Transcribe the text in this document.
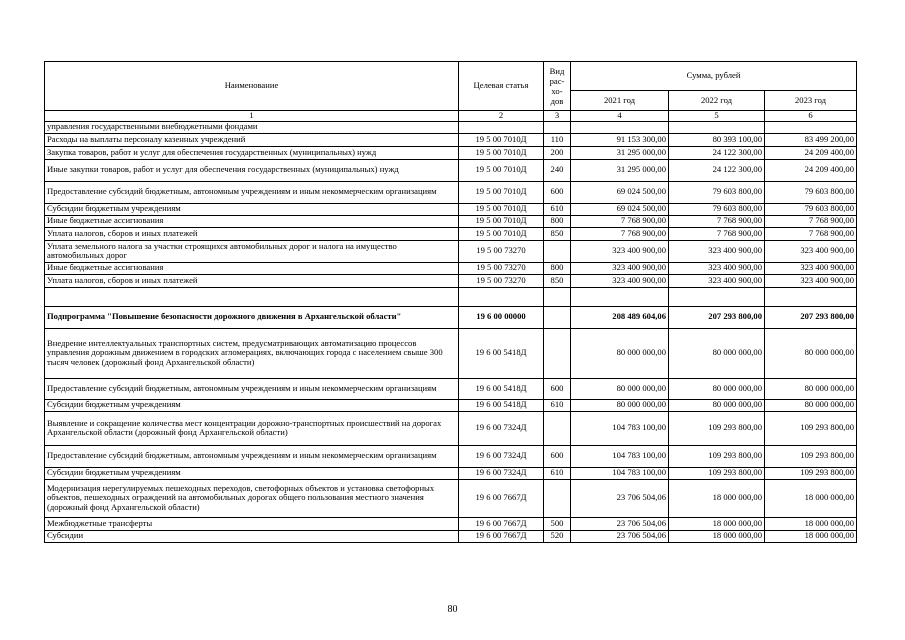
Наименование	Целевая статья	Вид рас-хо-дов	Сумма, рублей		
			2021 год	2022 год	2023 год
1	2	3	4	5	6
управления государственными внебюджетными фондами					
Расходы на выплаты персоналу казенных учреждений	19 5 00 7010Д	110	91 153 300,00	80 393 100,00	83 499 200,00
Закупка товаров, работ и услуг для обеспечения государственных (муниципальных) нужд	19 5 00 7010Д	200	31 295 000,00	24 122 300,00	24 209 400,00
Иные закупки товаров, работ и услуг для обеспечения государственных (муниципальных) нужд	19 5 00 7010Д	240	31 295 000,00	24 122 300,00	24 209 400,00
Предоставление субсидий бюджетным, автономным учреждениям и иным некоммерческим организациям	19 5 00 7010Д	600	69 024 500,00	79 603 800,00	79 603 800,00
Субсидии бюджетным учреждениям	19 5 00 7010Д	610	69 024 500,00	79 603 800,00	79 603 800,00
Иные бюджетные ассигнования	19 5 00 7010Д	800	7 768 900,00	7 768 900,00	7 768 900,00
Уплата налогов, сборов и иных платежей	19 5 00 7010Д	850	7 768 900,00	7 768 900,00	7 768 900,00
Уплата земельного налога за участки строящихся автомобильных дорог и налога на имущество автомобильных дорог	19 5 00 73270		323 400 900,00	323 400 900,00	323 400 900,00
Иные бюджетные ассигнования	19 5 00 73270	800	323 400 900,00	323 400 900,00	323 400 900,00
Уплата налогов, сборов и иных платежей	19 5 00 73270	850	323 400 900,00	323 400 900,00	323 400 900,00

Подпрограмма "Повышение безопасности дорожного движения в Архангельской области"	19 6 00 00000		208 489 604,06	207 293 800,00	207 293 800,00
Внедрение интеллектуальных транспортных систем, предусматривающих автоматизацию процессов управления дорожным движением в городских агломерациях, включающих города с населением свыше 300 тысяч человек (дорожный фонд Архангельской области)	19 6 00 5418Д		80 000 000,00	80 000 000,00	80 000 000,00
Предоставление субсидий бюджетным, автономным учреждениям и иным некоммерческим организациям	19 6 00 5418Д	600	80 000 000,00	80 000 000,00	80 000 000,00
Субсидии бюджетным учреждениям	19 6 00 5418Д	610	80 000 000,00	80 000 000,00	80 000 000,00
Выявление и сокращение количества мест концентрации дорожно-транспортных происшествий на дорогах Архангельской области (дорожный фонд Архангельской области)	19 6 00 7324Д		104 783 100,00	109 293 800,00	109 293 800,00
Предоставление субсидий бюджетным, автономным учреждениям и иным некоммерческим организациям	19 6 00 7324Д	600	104 783 100,00	109 293 800,00	109 293 800,00
Субсидии бюджетным учреждениям	19 6 00 7324Д	610	104 783 100,00	109 293 800,00	109 293 800,00
Модернизация нерегулируемых пешеходных переходов, светофорных объектов и установка светофорных объектов, пешеходных ограждений на автомобильных дорогах общего пользования местного значения (дорожный фонд Архангельской области)	19 6 00 7667Д		23 706 504,06	18 000 000,00	18 000 000,00
Межбюджетные трансферты	19 6 00 7667Д	500	23 706 504,06	18 000 000,00	18 000 000,00
Субсидии	19 6 00 7667Д	520	23 706 504,06	18 000 000,00	18 000 000,00
80
